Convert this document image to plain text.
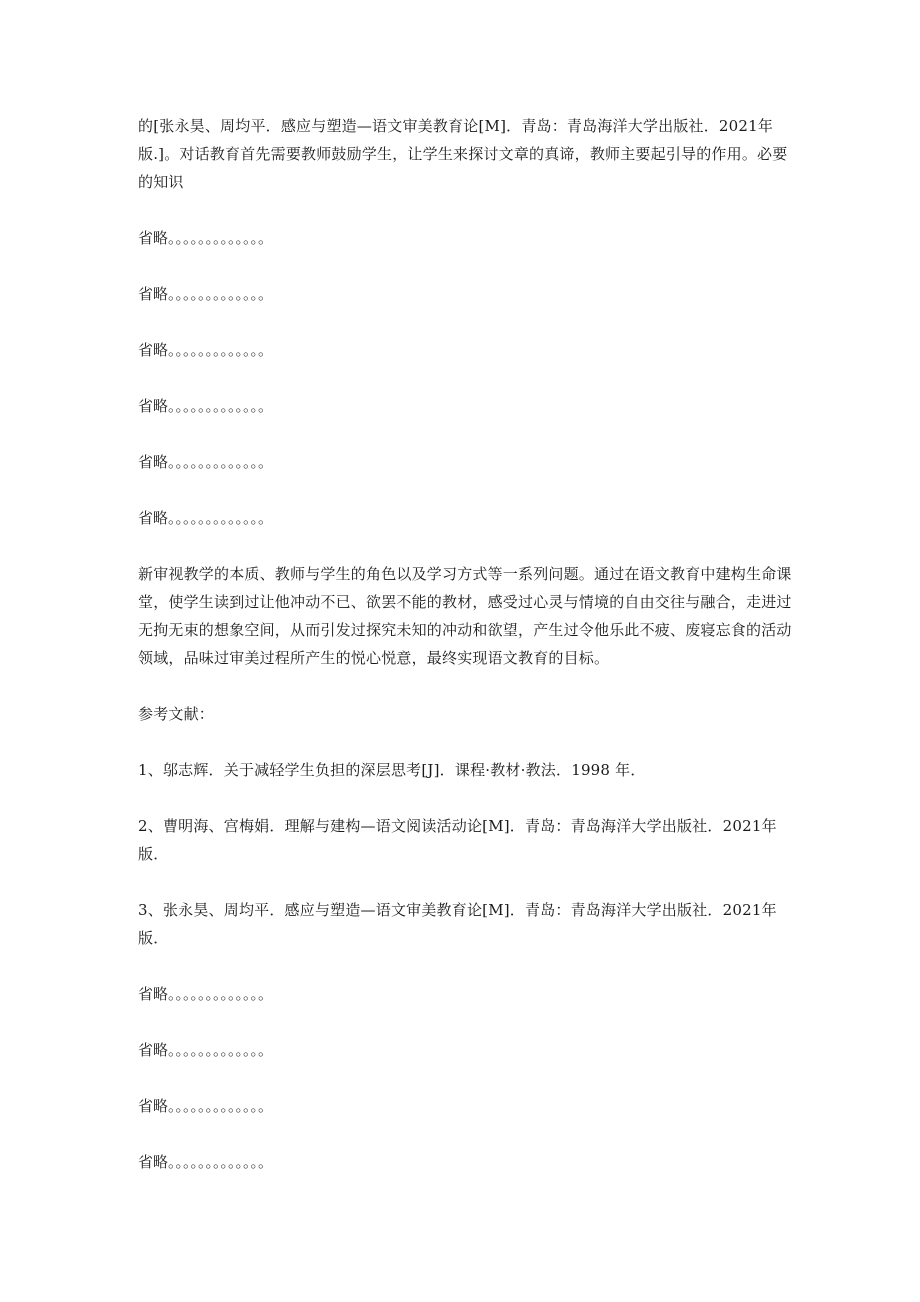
的[张永昊、周均平．感应与塑造—语文审美教育论[M]．青岛：青岛海洋大学出版社．2021年版.]。对话教育首先需要教师鼓励学生，让学生来探讨文章的真谛，教师主要起引导的作用。必要的知识

省略。。。。。。。。。。。。。

省略。。。。。。。。。。。。。

省略。。。。。。。。。。。。。

省略。。。。。。。。。。。。。

省略。。。。。。。。。。。。。

省略。。。。。。。。。。。。。

新审视教学的本质、教师与学生的角色以及学习方式等一系列问题。通过在语文教育中建构生命课堂，使学生读到过让他冲动不已、欲罢不能的教材，感受过心灵与情境的自由交往与融合，走进过无拘无束的想象空间，从而引发过探究未知的冲动和欲望，产生过令他乐此不疲、废寝忘食的活动领域，品味过审美过程所产生的悦心悦意，最终实现语文教育的目标。

参考文献：

1、邬志辉．关于减轻学生负担的深层思考[J]．课程·教材·教法．1998 年．

2、曹明海、宫梅娟．理解与建构—语文阅读活动论[M]．青岛：青岛海洋大学出版社．2021年版．

3、张永昊、周均平．感应与塑造—语文审美教育论[M]．青岛：青岛海洋大学出版社．2021年版．

省略。。。。。。。。。。。。。

省略。。。。。。。。。。。。。

省略。。。。。。。。。。。。。

省略。。。。。。。。。。。。。
